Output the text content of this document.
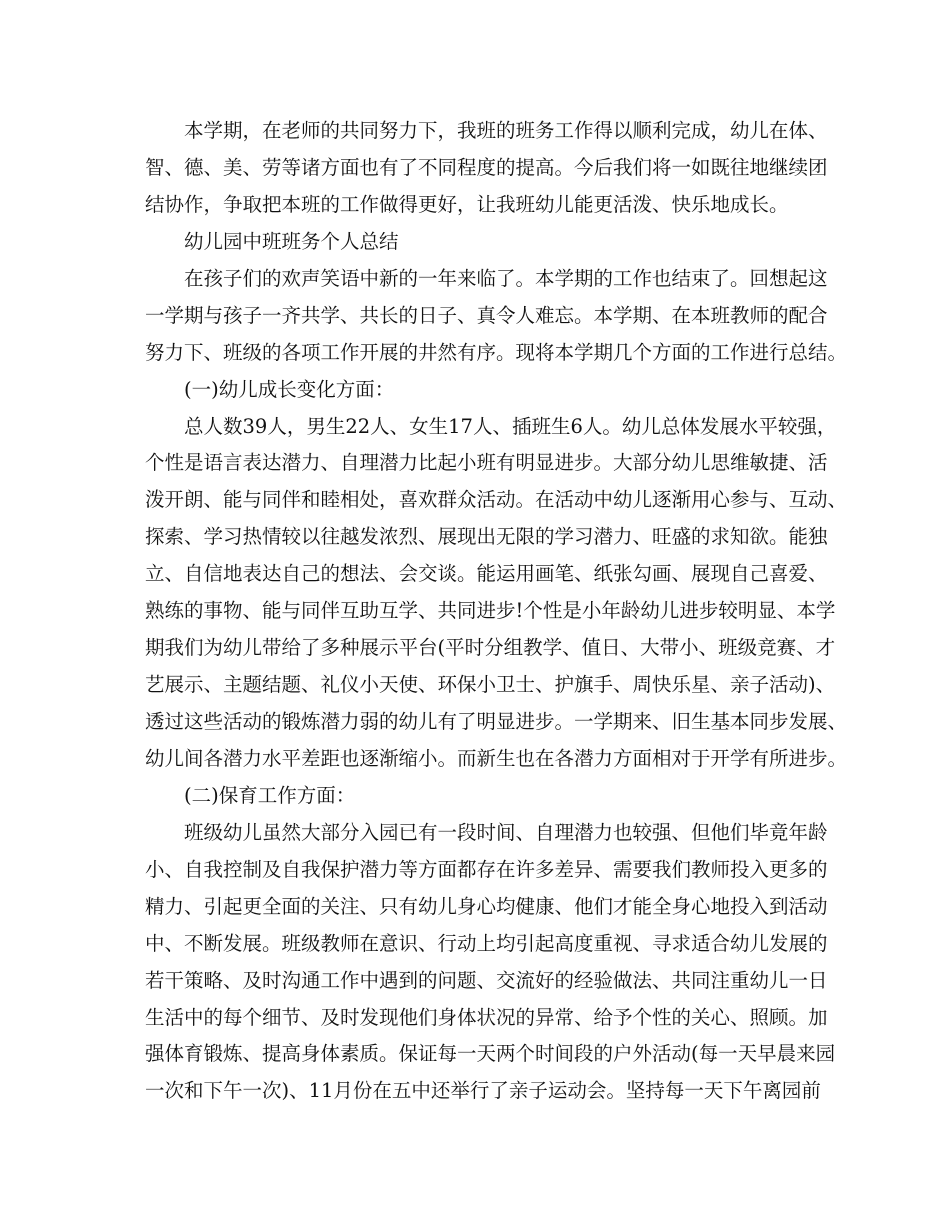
本学期，在老师的共同努力下，我班的班务工作得以顺利完成，幼儿在体、
智、德、美、劳等诸方面也有了不同程度的提高。今后我们将一如既往地继续团
结协作，争取把本班的工作做得更好，让我班幼儿能更活泼、快乐地成长。
幼儿园中班班务个人总结
在孩子们的欢声笑语中新的一年来临了。本学期的工作也结束了。回想起这
一学期与孩子一齐共学、共长的日子、真令人难忘。本学期、在本班教师的配合
努力下、班级的各项工作开展的井然有序。现将本学期几个方面的工作进行总结。
(一)幼儿成长变化方面：
总人数39人，男生22人、女生17人、插班生6人。幼儿总体发展水平较强，
个性是语言表达潜力、自理潜力比起小班有明显进步。大部分幼儿思维敏捷、活
泼开朗、能与同伴和睦相处，喜欢群众活动。在活动中幼儿逐渐用心参与、互动、
探索、学习热情较以往越发浓烈、展现出无限的学习潜力、旺盛的求知欲。能独
立、自信地表达自己的想法、会交谈。能运用画笔、纸张勾画、展现自己喜爱、
熟练的事物、能与同伴互助互学、共同进步!个性是小年龄幼儿进步较明显、本学
期我们为幼儿带给了多种展示平台(平时分组教学、值日、大带小、班级竞赛、才
艺展示、主题结题、礼仪小天使、环保小卫士、护旗手、周快乐星、亲子活动)、
透过这些活动的锻炼潜力弱的幼儿有了明显进步。一学期来、旧生基本同步发展、
幼儿间各潜力水平差距也逐渐缩小。而新生也在各潜力方面相对于开学有所进步。
(二)保育工作方面：
班级幼儿虽然大部分入园已有一段时间、自理潜力也较强、但他们毕竟年龄
小、自我控制及自我保护潜力等方面都存在许多差异、需要我们教师投入更多的
精力、引起更全面的关注、只有幼儿身心均健康、他们才能全身心地投入到活动
中、不断发展。班级教师在意识、行动上均引起高度重视、寻求适合幼儿发展的
若干策略、及时沟通工作中遇到的问题、交流好的经验做法、共同注重幼儿一日
生活中的每个细节、及时发现他们身体状况的异常、给予个性的关心、照顾。加
强体育锻炼、提高身体素质。保证每一天两个时间段的户外活动(每一天早晨来园
一次和下午一次)、11月份在五中还举行了亲子运动会。坚持每一天下午离园前
